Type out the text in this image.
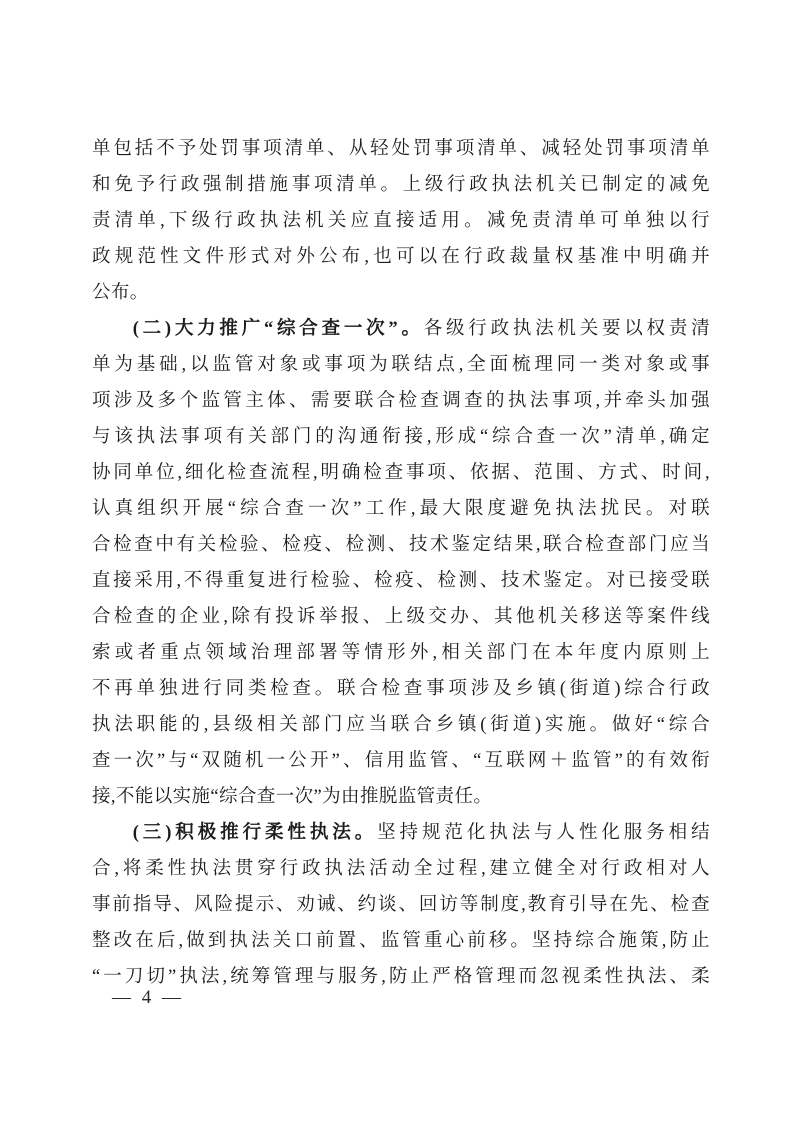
单包括不予处罚事项清单、从轻处罚事项清单、减轻处罚事项清单
和免予行政强制措施事项清单。上级行政执法机关已制定的减免
责清单,下级行政执法机关应直接适用。减免责清单可单独以行
政规范性文件形式对外公布,也可以在行政裁量权基准中明确并
公布。
(二)大力推广“综合查一次”。各级行政执法机关要以权责清
单为基础,以监管对象或事项为联结点,全面梳理同一类对象或事
项涉及多个监管主体、需要联合检查调查的执法事项,并牵头加强
与该执法事项有关部门的沟通衔接,形成“综合查一次”清单,确定
协同单位,细化检查流程,明确检查事项、依据、范围、方式、时间,
认真组织开展“综合查一次”工作,最大限度避免执法扰民。对联
合检查中有关检验、检疫、检测、技术鉴定结果,联合检查部门应当
直接采用,不得重复进行检验、检疫、检测、技术鉴定。对已接受联
合检查的企业,除有投诉举报、上级交办、其他机关移送等案件线
索或者重点领域治理部署等情形外,相关部门在本年度内原则上
不再单独进行同类检查。联合检查事项涉及乡镇(街道)综合行政
执法职能的,县级相关部门应当联合乡镇(街道)实施。做好“综合
查一次”与“双随机一公开”、信用监管、“互联网＋监管”的有效衔
接,不能以实施“综合查一次”为由推脱监管责任。
(三)积极推行柔性执法。坚持规范化执法与人性化服务相结
合,将柔性执法贯穿行政执法活动全过程,建立健全对行政相对人
事前指导、风险提示、劝诫、约谈、回访等制度,教育引导在先、检查
整改在后,做到执法关口前置、监管重心前移。坚持综合施策,防止
“一刀切”执法,统筹管理与服务,防止严格管理而忽视柔性执法、柔
— 4 —
